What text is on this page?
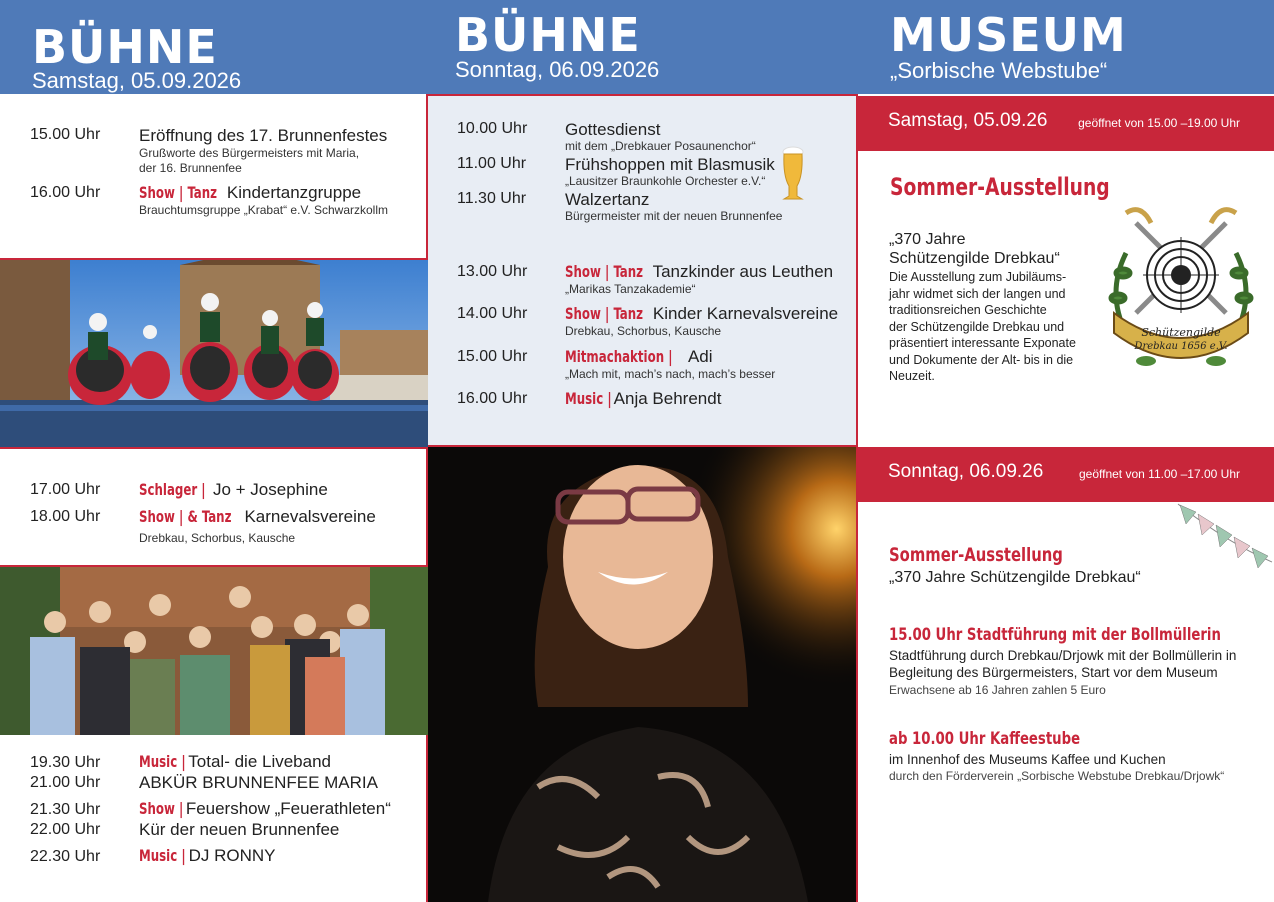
BÜHNE
Samstag, 05.09.2026
BÜHNE
Sonntag, 06.09.2026
MUSEUM
„Sorbische Webstube“
15.00 Uhr Eröffnung des 17. Brunnenfestes
Grußworte des Bürgermeisters mit Maria,
der 16. Brunnenfee
16.00 Uhr Show | Tanz Kindertanzgruppe
Brauchtumsgruppe „Krabat“ e.V. Schwarzkollm
17.00 Uhr Schlager | Jo + Josephine
18.00 Uhr Show | & Tanz Karnevalsvereine
Drebkau, Schorbus, Kausche
19.30 Uhr Music | Total- die Liveband
21.00 Uhr ABKÜR BRUNNENFEE MARIA
21.30 Uhr Show | Feuershow „Feuerathleten“
22.00 Uhr Kür der neuen Brunnenfee
22.30 Uhr Music | DJ RONNY
10.00 Uhr Gottesdienst
mit dem „Drebkauer Posaunenchor“
11.00 Uhr Frühshoppen mit Blasmusik
„Lausitzer Braunkohle Orchester e.V.“
11.30 Uhr Walzertanz
Bürgermeister mit der neuen Brunnenfee
13.00 Uhr Show | Tanz Tanzkinder aus Leuthen
„Marikas Tanzakademie“
14.00 Uhr Show | Tanz Kinder Karnevalsvereine
Drebkau, Schorbus, Kausche
15.00 Uhr Mitmachaktion | Adi
„Mach mit, mach’s nach, mach’s besser
16.00 Uhr Music | Anja Behrendt
Samstag, 05.09.26	geöffnet von 15.00 –19.00 Uhr
Sommer-Ausstellung
„370 Jahre
Schützengilde Drebkau“
Die Ausstellung zum Jubiläums-
jahr widmet sich der langen und
traditionsreichen Geschichte
der Schützengilde Drebkau und
präsentiert interessante Exponate
und Dokumente der Alt- bis in die
Neuzeit.
Schützengilde
Drebkau 1656 e.V.
Sonntag, 06.09.26	geöffnet von 11.00 –17.00 Uhr
Sommer-Ausstellung
„370 Jahre Schützengilde Drebkau“
15.00 Uhr Stadtführung mit der Bollmüllerin
Stadtführung durch Drebkau/Drjowk mit der Bollmüllerin in
Begleitung des Bürgermeisters, Start vor dem Museum
Erwachsene ab 16 Jahren zahlen 5 Euro
ab 10.00 Uhr Kaffeestube
im Innenhof des Museums Kaffee und Kuchen
durch den Förderverein „Sorbische Webstube Drebkau/Drjowk“
